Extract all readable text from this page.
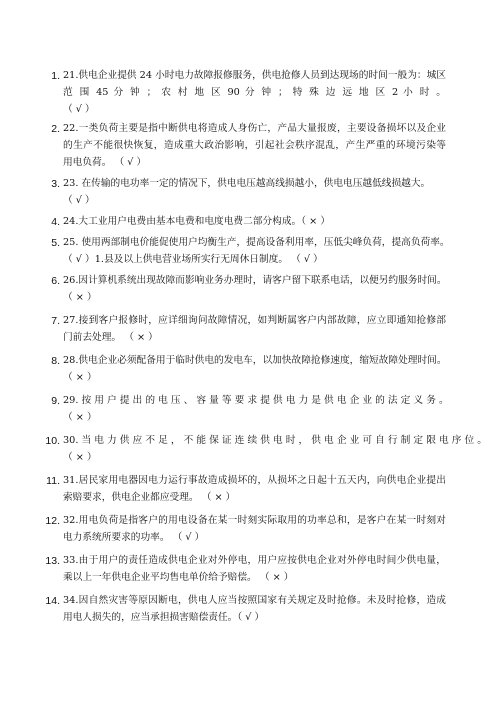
1. 21.供电企业提供 24 小时电力故障报修服务，供电抢修人员到达现场的时间一般为：城区
范 围 45 分 钟 ； 农 村 地 区 90 分 钟 ； 特 殊 边 远 地 区 2 小 时 。
（ √ ）
2. 22.一类负荷主要是指中断供电将造成人身伤亡，产品大量报废，主要设备损坏以及企业
的生产不能很快恢复，造成重大政治影响，引起社会秩序混乱，产生严重的环境污染等
用电负荷。 （ √ ）
3. 23. 在传输的电功率一定的情况下，供电电压越高线损越小，供电电压越低线损越大。
（ √ ）
4. 24.大工业用户电费由基本电费和电度电费二部分构成。（ × ）
5. 25. 使用两部制电价能促使用户均衡生产，提高设备利用率，压低尖峰负荷，提高负荷率。
（ √ ）1.县及以上供电营业场所实行无周休日制度。 （ √ ）
6. 26.因计算机系统出现故障而影响业务办理时，请客户留下联系电话，以便另约服务时间。
（ × ）
7. 27.接到客户报修时，应详细询问故障情况，如判断属客户内部故障，应立即通知抢修部
门前去处理。 （ × ）
8. 28.供电企业必须配备用于临时供电的发电车，以加快故障抢修速度，缩短故障处理时间。
（ × ）
9. 29. 按 用 户 提 出 的 电 压 、 容 量 等 要 求 提 供 电 力 是 供 电 企 业 的 法 定 义 务 。
（ × ）
10. 30. 当 电 力 供 应 不 足 ， 不 能 保 证 连 续 供 电 时 ， 供 电 企 业 可 自 行 制 定 限 电 序 位 。
（ × ）
11. 31.居民家用电器因电力运行事故造成损坏的，从损坏之日起十五天内，向供电企业提出
索赔要求，供电企业都应受理。 （ × ）
12. 32.用电负荷是指客户的用电设备在某一时刻实际取用的功率总和，是客户在某一时刻对
电力系统所要求的功率。 （ √ ）
13. 33.由于用户的责任造成供电企业对外停电，用户应按供电企业对外停电时间少供电量，
乘以上一年供电企业平均售电单价给予赔偿。 （ × ）
14. 34.因自然灾害等原因断电，供电人应当按照国家有关规定及时抢修。未及时抢修，造成
用电人损失的，应当承担损害赔偿责任。（ √ ）
